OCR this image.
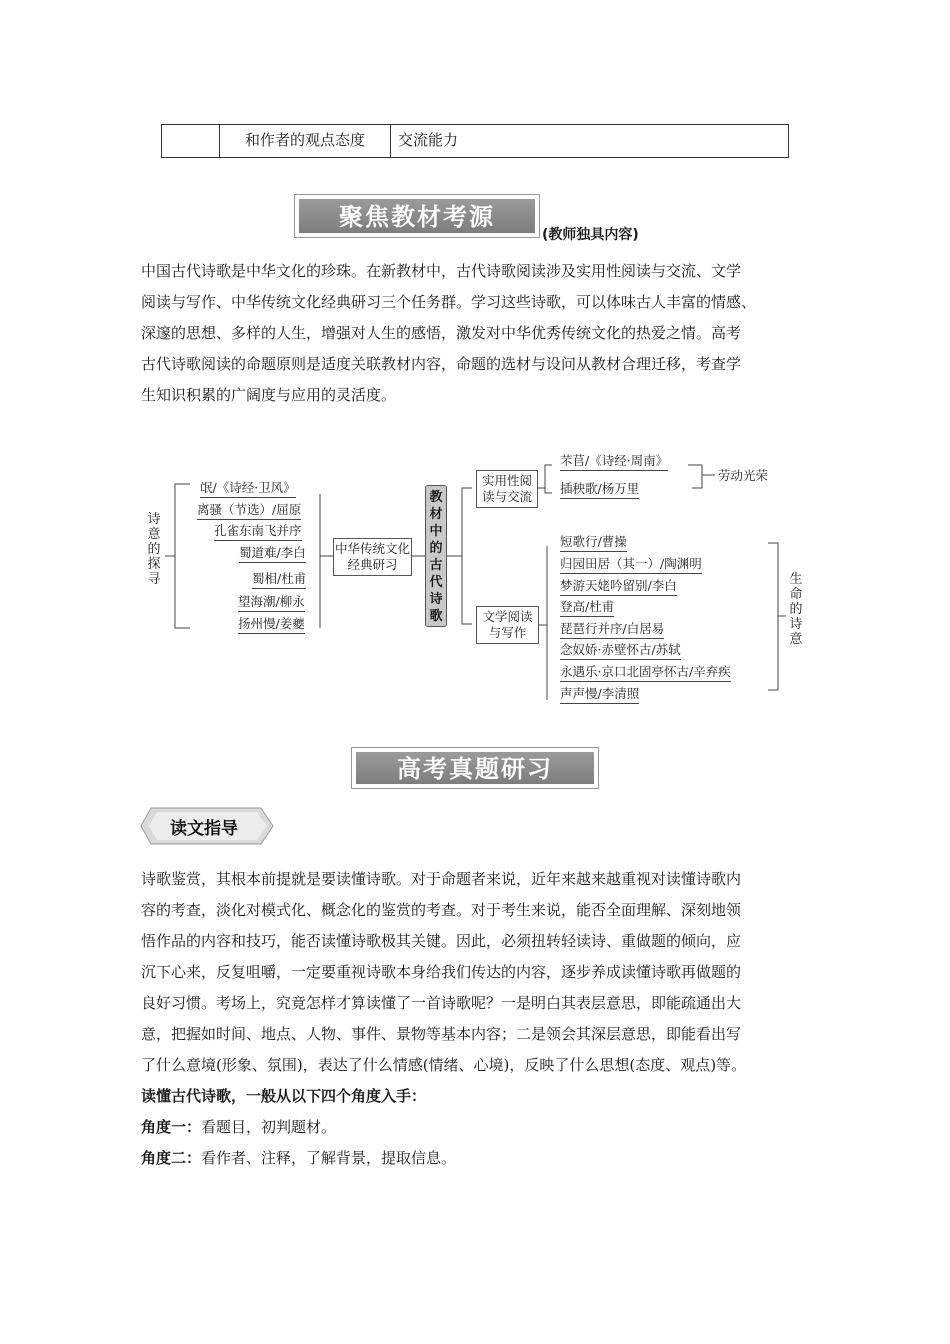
和作者的观点态度	交流能力
聚焦教材考源
(教师独具内容)

中国古代诗歌是中华文化的珍珠。在新教材中，古代诗歌阅读涉及实用性阅读与交流、文学

阅读与写作、中华传统文化经典研习三个任务群。学习这些诗歌，可以体味古人丰富的情感、

深邃的思想、多样的人生，增强对人生的感悟，激发对中华优秀传统文化的热爱之情。高考

古代诗歌阅读的命题原则是适度关联教材内容，命题的选材与设问从教材合理迁移，考查学

生知识积累的广阔度与应用的灵活度。

诗意的探寻
氓/《诗经·卫风》
离骚（节选）/屈原
孔雀东南飞并序
蜀道难/李白
蜀相/杜甫
望海潮/柳永
扬州慢/姜夔
中华传统文化经典研习
教材中的古代诗歌
实用性阅读与交流
芣苢/《诗经·周南》
插秧歌/杨万里
劳动光荣
文学阅读与写作
短歌行/曹操
归园田居（其一）/陶渊明
梦游天姥吟留别/李白
登高/杜甫
琵琶行并序/白居易
念奴娇·赤壁怀古/苏轼
永遇乐·京口北固亭怀古/辛弃疾
声声慢/李清照
生命的诗意
高考真题研习
读文指导

诗歌鉴赏，其根本前提就是要读懂诗歌。对于命题者来说，近年来越来越重视对读懂诗歌内

容的考查，淡化对模式化、概念化的鉴赏的考查。对于考生来说，能否全面理解、深刻地领

悟作品的内容和技巧，能否读懂诗歌极其关键。因此，必须扭转轻读诗、重做题的倾向，应

沉下心来，反复咀嚼，一定要重视诗歌本身给我们传达的内容，逐步养成读懂诗歌再做题的

良好习惯。考场上，究竟怎样才算读懂了一首诗歌呢？一是明白其表层意思，即能疏通出大

意，把握如时间、地点、人物、事件、景物等基本内容；二是领会其深层意思，即能看出写

了什么意境(形象、氛围)，表达了什么情感(情绪、心境)，反映了什么思想(态度、观点)等。

读懂古代诗歌，一般从以下四个角度入手：

角度一：看题目，初判题材。

角度二：看作者、注释，了解背景，提取信息。
